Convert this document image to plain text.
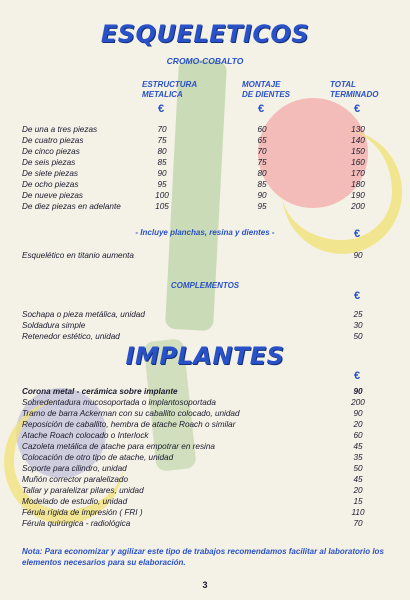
ESQUELETICOS
CROMO-COBALTO
ESTRUCTURA
METALICA
MONTAJE
DE DIENTES
TOTAL
TERMINADO
€	€	€
De una a tres piezas	70	60	130
De cuatro piezas	75	65	140
De cinco piezas	80	70	150
De seis piezas	85	75	160
De siete piezas	90	80	170
De ocho piezas	95	85	180
De nueve piezas	100	90	190
De diez piezas en adelante	105	95	200
- Incluye planchas, resina y dientes -	€
Esquelético en titanio aumenta	90
COMPLEMENTOS
€
Sochapa o pieza metálica, unidad	25
Soldadura simple	30
Retenedor estético, unidad	50
IMPLANTES
€
Corona metal - cerámica sobre implante	90
Sobredentadura mucosoportada o implantosoportada	200
Tramo de barra Ackerman con su caballito colocado, unidad	90
Reposición de caballito, hembra de atache Roach o similar	20
Atache Roach colocado o Interlock	60
Cazoleta metálica de atache para empotrar en resina	45
Colocación de otro tipo de atache, unidad	35
Soporte para cilindro, unidad	50
Muñón corrector paralelizado	45
Tallar y paralelizar pilares, unidad	20
Modelado de estudio, unidad	15
Férula rígida de impresión ( FRI )	110
Férula quirúrgica - radiológica	70
Nota: Para economizar y agilizar este tipo de trabajos recomendamos facilitar al laboratorio los elementos necesarios para su elaboración.
3
